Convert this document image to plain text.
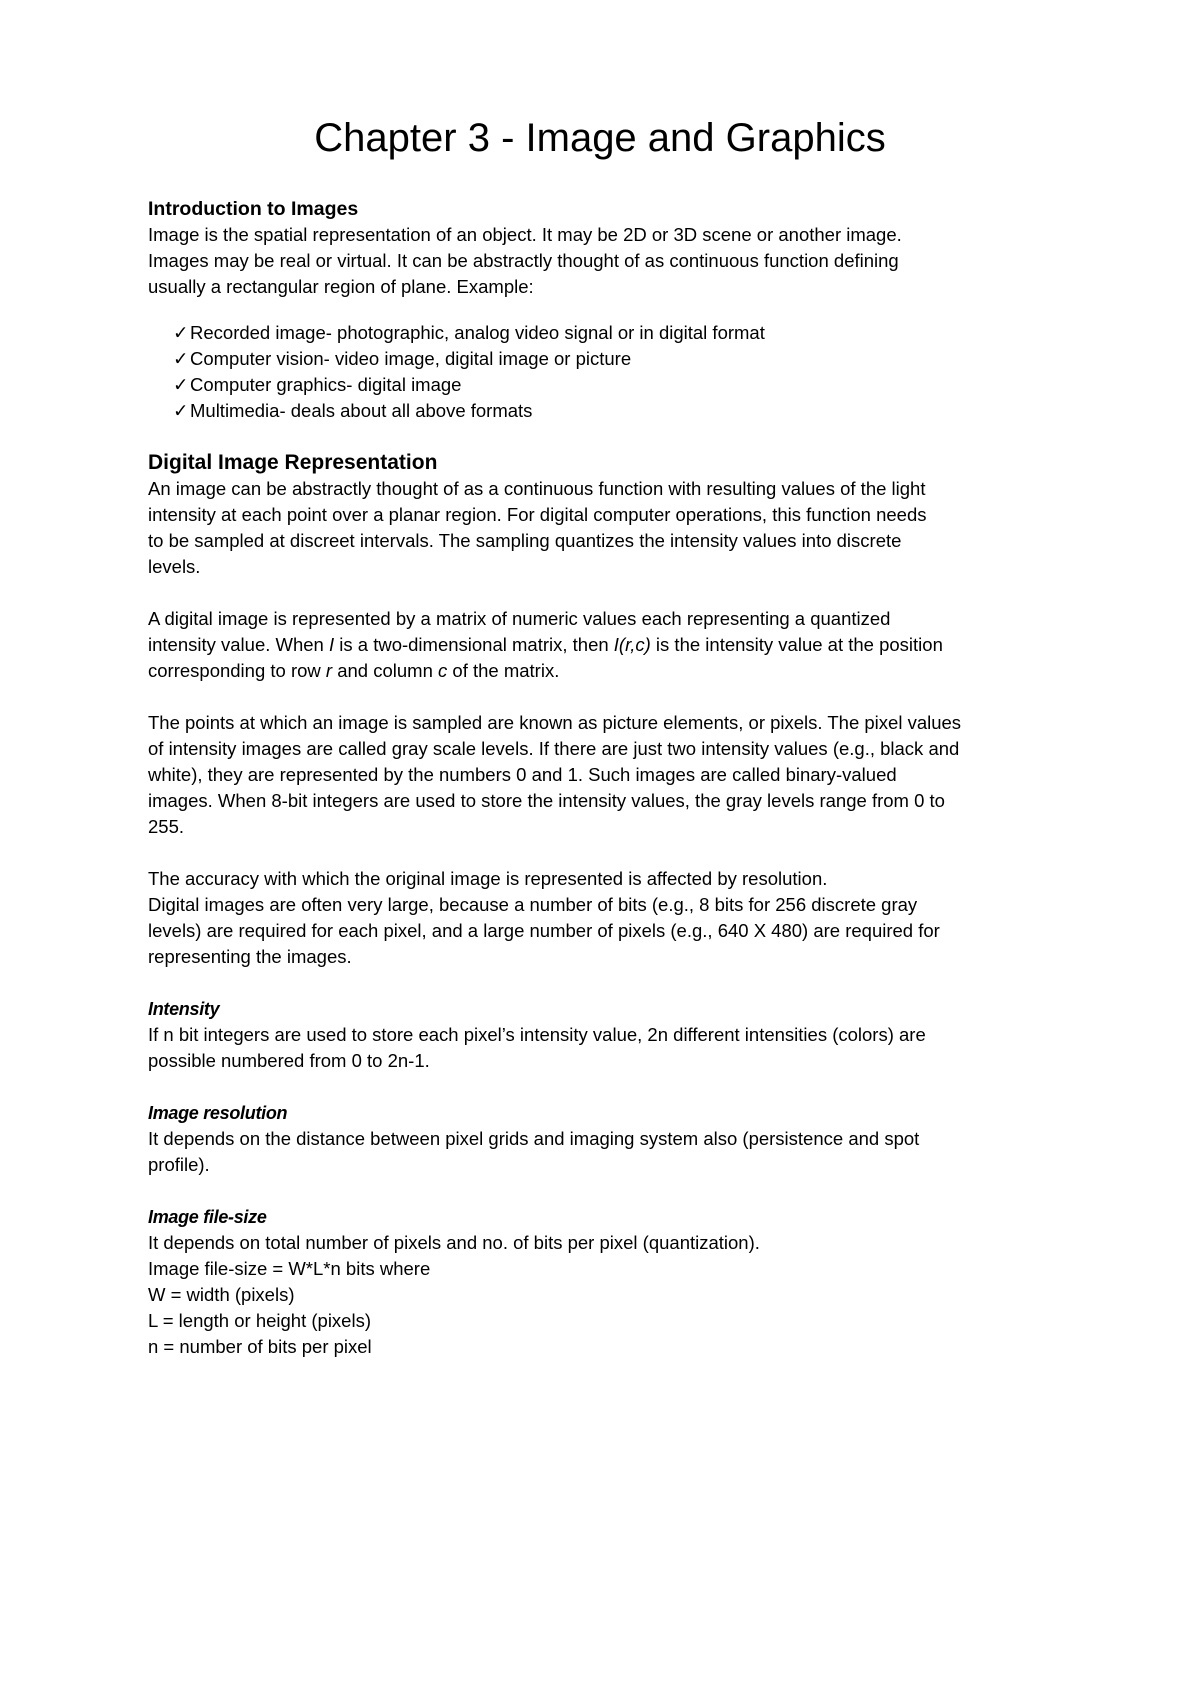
Chapter 3 - Image and Graphics

Introduction to Images

Image is the spatial representation of an object. It may be 2D or 3D scene or another image.

Images may be real or virtual. It can be abstractly thought of as continuous function defining

usually a rectangular region of plane. Example:

✓Recorded image- photographic, analog video signal or in digital format
✓Computer vision- video image, digital image or picture
✓Computer graphics- digital image
✓Multimedia- deals about all above formats

Digital Image Representation

An image can be abstractly thought of as a continuous function with resulting values of the light

intensity at each point over a planar region. For digital computer operations, this function needs

to be sampled at discreet intervals. The sampling quantizes the intensity values into discrete

levels.

A digital image is represented by a matrix of numeric values each representing a quantized

intensity value. When I is a two-dimensional matrix, then I(r,c) is the intensity value at the position

corresponding to row r and column c of the matrix.

The points at which an image is sampled are known as picture elements, or pixels. The pixel values

of intensity images are called gray scale levels. If there are just two intensity values (e.g., black and

white), they are represented by the numbers 0 and 1. Such images are called binary-valued

images. When 8-bit integers are used to store the intensity values, the gray levels range from 0 to

255.

The accuracy with which the original image is represented is affected by resolution.

Digital images are often very large, because a number of bits (e.g., 8 bits for 256 discrete gray

levels) are required for each pixel, and a large number of pixels (e.g., 640 X 480) are required for

representing the images.

Intensity

If n bit integers are used to store each pixel’s intensity value, 2n different intensities (colors) are

possible numbered from 0 to 2n-1.

Image resolution

It depends on the distance between pixel grids and imaging system also (persistence and spot

profile).

Image file-size

It depends on total number of pixels and no. of bits per pixel (quantization).

Image file-size = W*L*n bits where

W = width (pixels)

L = length or height (pixels)

n = number of bits per pixel
